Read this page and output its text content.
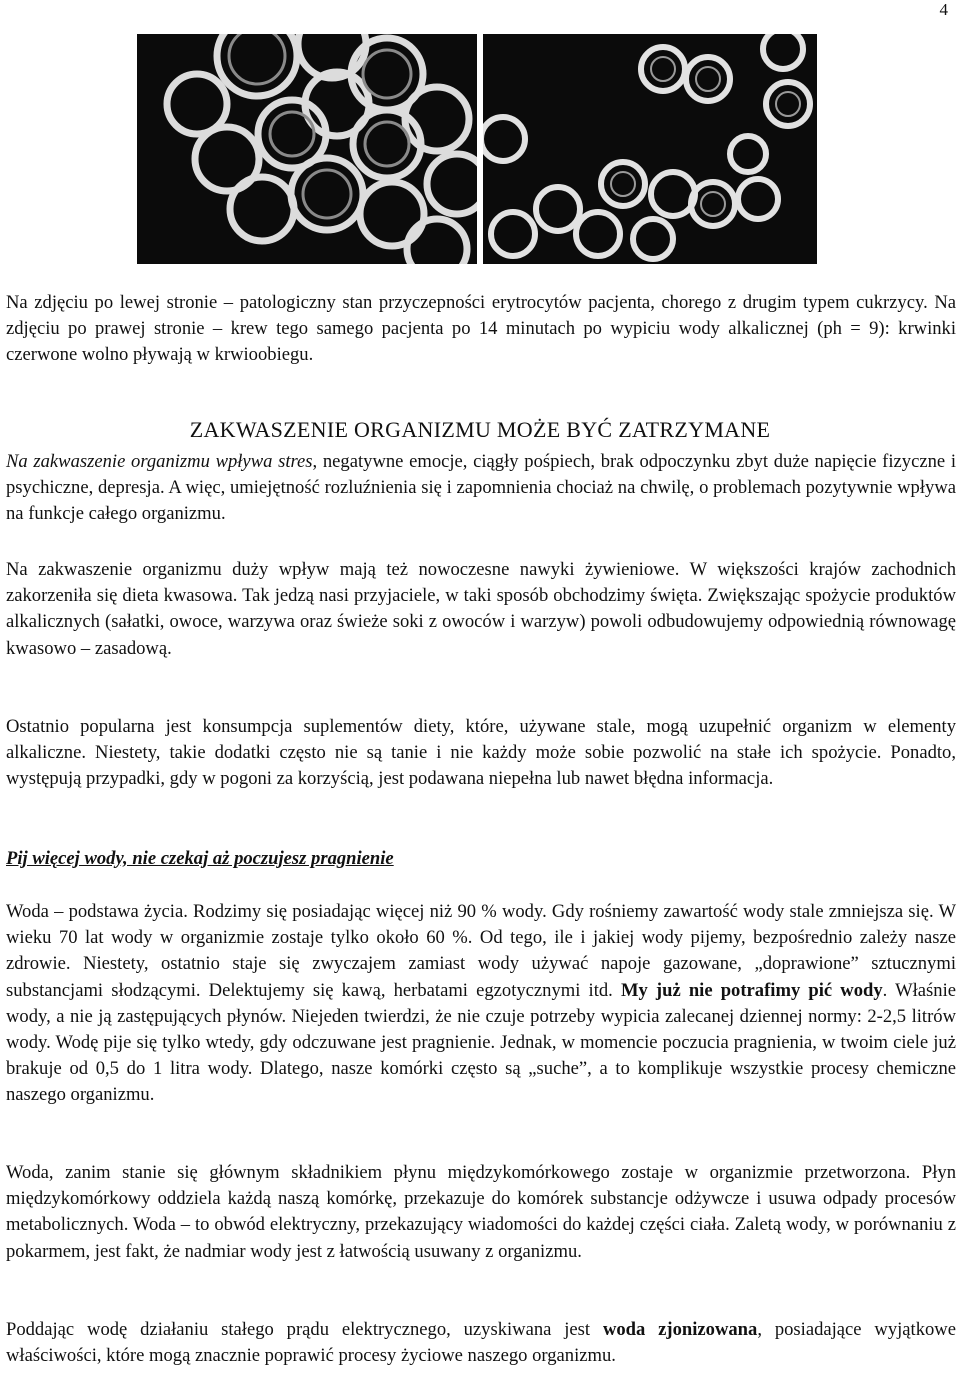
4

Na zdjęciu po lewej stronie – patologiczny stan przyczepności erytrocytów pacjenta, chorego z drugim typem cukrzycy. Na zdjęciu po prawej stronie – krew tego samego pacjenta po 14 minutach po wypiciu wody alkalicznej (ph = 9): krwinki czerwone wolno pływają w krwioobiegu.

ZAKWASZENIE ORGANIZMU MOŻE BYĆ ZATRZYMANE

Na zakwaszenie organizmu wpływa stres, negatywne emocje, ciągły pośpiech, brak odpoczynku zbyt duże napięcie fizyczne i psychiczne, depresja. A więc, umiejętność rozluźnienia się i zapomnienia chociaż na chwilę, o problemach pozytywnie wpływa na funkcje całego organizmu.

Na zakwaszenie organizmu duży wpływ mają też nowoczesne nawyki żywieniowe. W większości krajów zachodnich zakorzeniła się dieta kwasowa. Tak jedzą nasi przyjaciele, w taki sposób obchodzimy święta. Zwiększając spożycie produktów alkalicznych (sałatki, owoce, warzywa oraz świeże soki z owoców i warzyw) powoli odbudowujemy odpowiednią równowagę kwasowo – zasadową.

Ostatnio popularna jest konsumpcja suplementów diety, które, używane stale, mogą uzupełnić organizm w elementy alkaliczne. Niestety, takie dodatki często nie są tanie i nie każdy może sobie pozwolić na stałe ich spożycie. Ponadto, występują przypadki, gdy w pogoni za korzyścią, jest podawana niepełna lub nawet błędna informacja.

Pij więcej wody, nie czekaj aż poczujesz pragnienie

Woda – podstawa życia. Rodzimy się posiadając więcej niż 90 % wody. Gdy rośniemy zawartość wody stale zmniejsza się. W wieku 70 lat wody w organizmie zostaje tylko około 60 %. Od tego, ile i jakiej wody pijemy, bezpośrednio zależy nasze zdrowie. Niestety, ostatnio staje się zwyczajem zamiast wody używać napoje gazowane, „doprawione” sztucznymi substancjami słodzącymi. Delektujemy się kawą, herbatami egzotycznymi itd. My już nie potrafimy pić wody. Właśnie wody, a nie ją zastępujących płynów. Niejeden twierdzi, że nie czuje potrzeby wypicia zalecanej dziennej normy: 2-2,5 litrów wody. Wodę pije się tylko wtedy, gdy odczuwane jest pragnienie. Jednak, w momencie poczucia pragnienia, w twoim ciele już brakuje od 0,5 do 1 litra wody. Dlatego, nasze komórki często są „suche”, a to komplikuje wszystkie procesy chemiczne naszego organizmu.

Woda, zanim stanie się głównym składnikiem płynu międzykomórkowego zostaje w organizmie przetworzona. Płyn międzykomórkowy oddziela każdą naszą komórkę, przekazuje do komórek substancje odżywcze i usuwa odpady procesów metabolicznych. Woda – to obwód elektryczny, przekazujący wiadomości do każdej części ciała. Zaletą wody, w porównaniu z pokarmem, jest fakt, że nadmiar wody jest z łatwością usuwany z organizmu.

Poddając wodę działaniu stałego prądu elektrycznego, uzyskiwana jest woda zjonizowana, posiadające wyjątkowe właściwości, które mogą znacznie poprawić procesy życiowe naszego organizmu.
